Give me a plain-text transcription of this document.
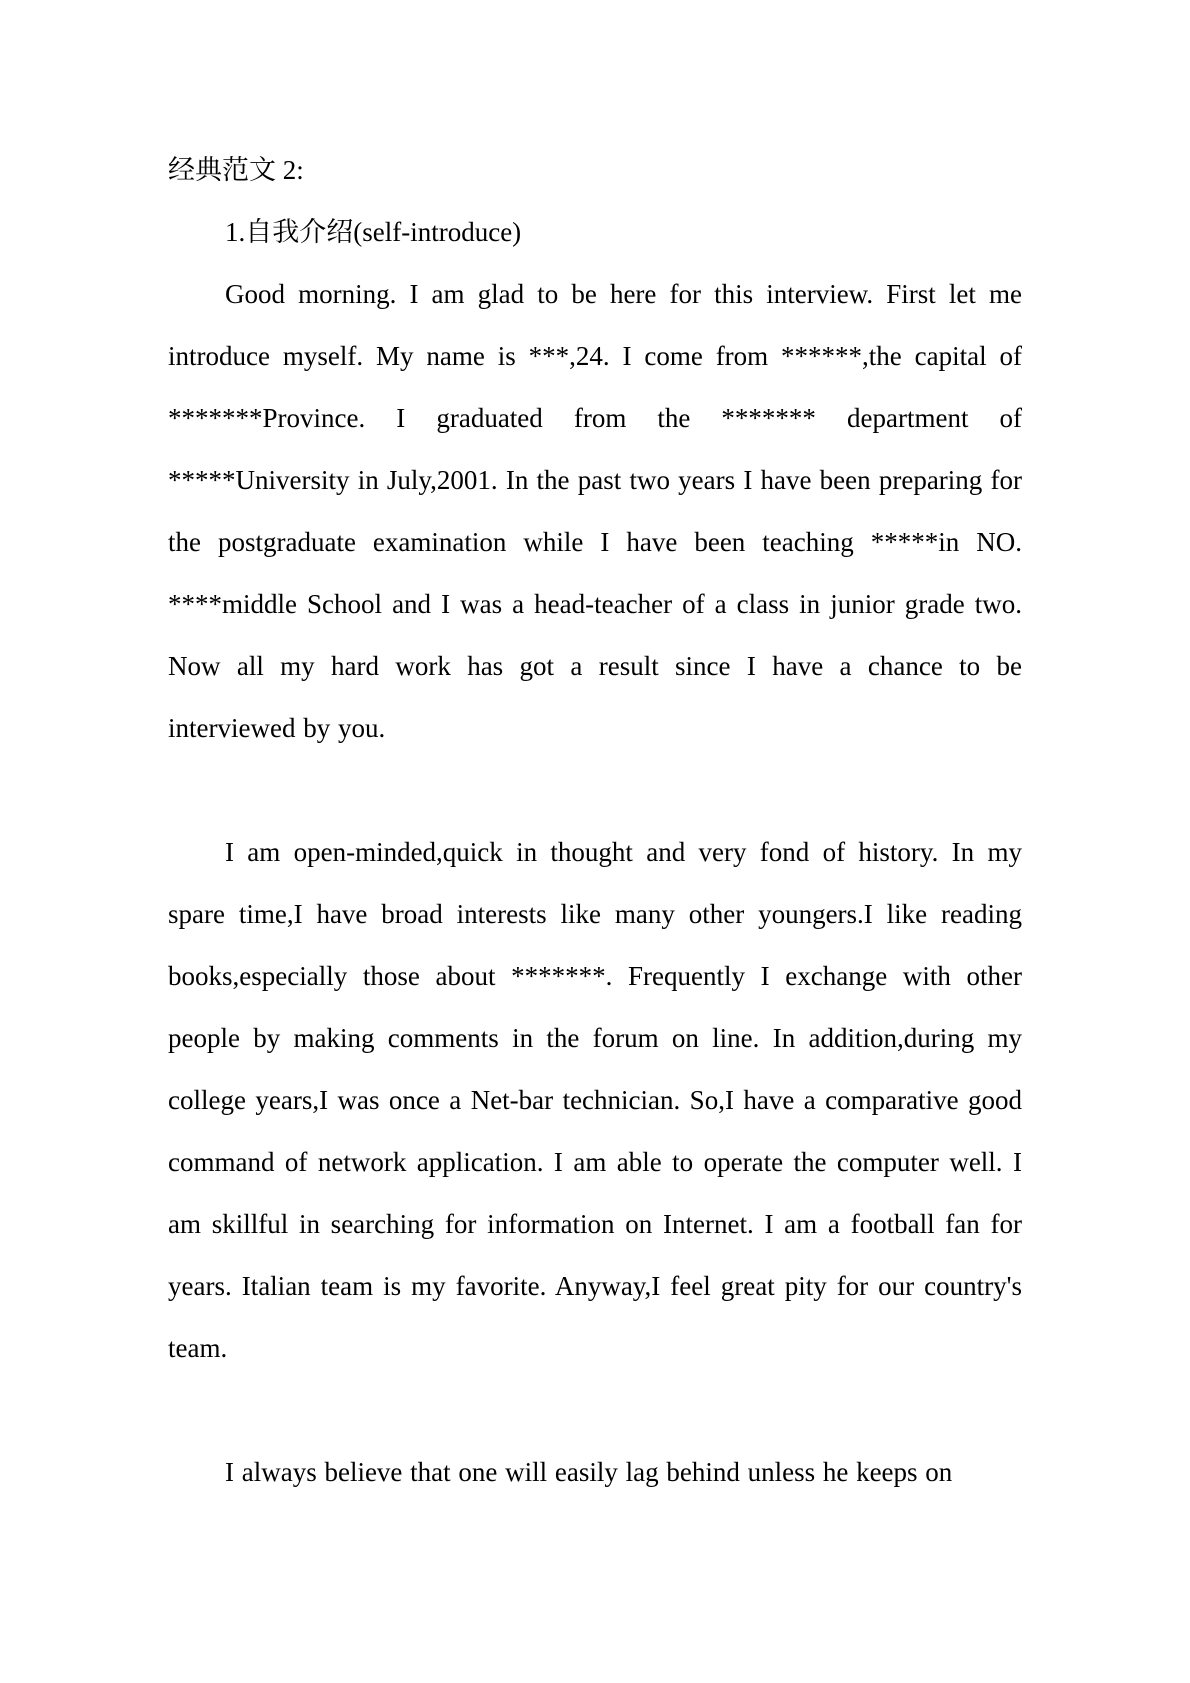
经典范文 2:
1.自我介绍(self-introduce)

Good morning. I am glad to be here for this interview. First let me introduce myself. My name is ***,24. I come from ******,the capital of *******Province. I graduated from the ******* department of *****University in July,2001. In the past two years I have been preparing for the postgraduate examination while I have been teaching *****in NO. ****middle School and I was a head-teacher of a class in junior grade two. Now all my hard work has got a result since I have a chance to be interviewed by you.

I am open-minded,quick in thought and very fond of history. In my spare time,I have broad interests like many other youngers.I like reading books,especially those about *******. Frequently I exchange with other people by making comments in the forum on line. In addition,during my college years,I was once a Net-bar technician. So,I have a comparative good command of network application. I am able to operate the computer well. I am skillful in searching for information on Internet. I am a football fan for years. Italian team is my favorite. Anyway,I feel great pity for our country's team.

I always believe that one will easily lag behind unless he keeps on
